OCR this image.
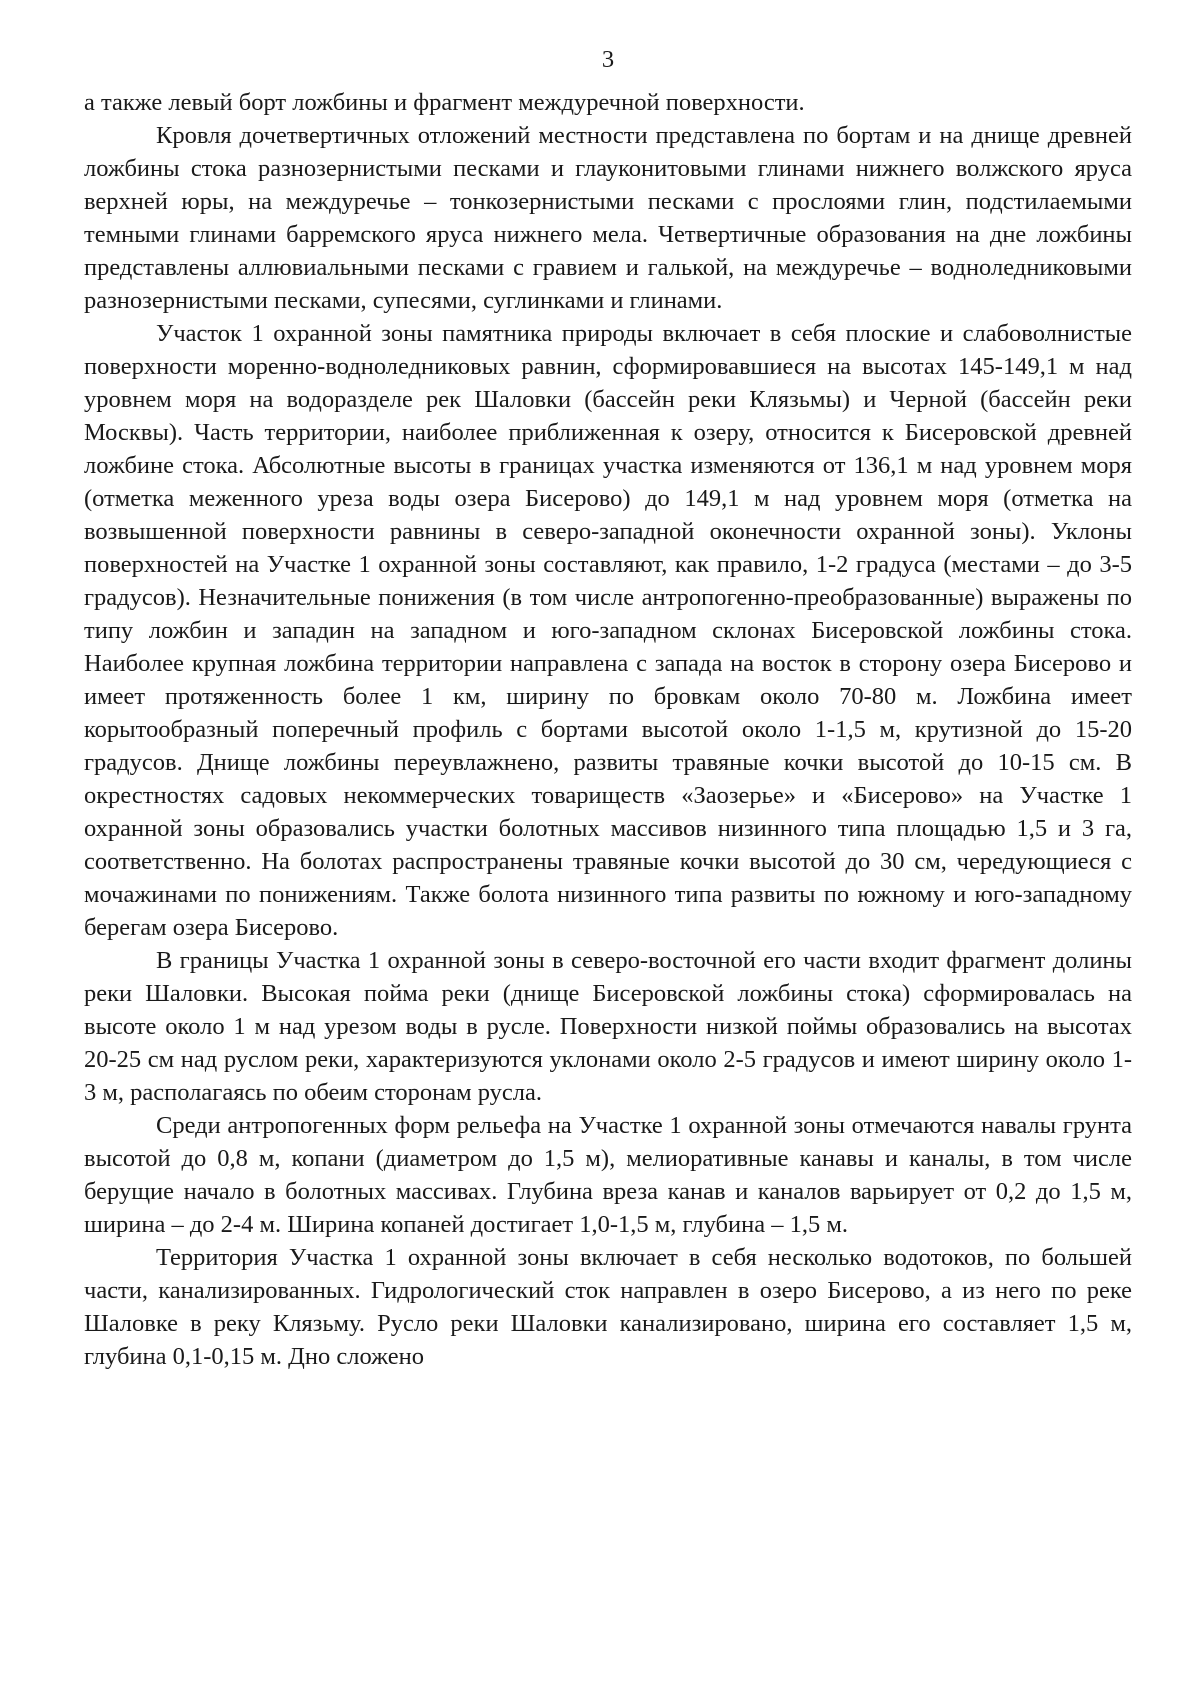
3

а также левый борт ложбины и фрагмент междуречной поверхности.

Кровля дочетвертичных отложений местности представлена по бортам и на днище древней ложбины стока разнозернистыми песками и глауконитовыми глинами нижнего волжского яруса верхней юры, на междуречье – тонкозернистыми песками с прослоями глин, подстилаемыми темными глинами барремского яруса нижнего мела. Четвертичные образования на дне ложбины представлены аллювиальными песками с гравием и галькой, на междуречье – водноледниковыми разнозернистыми песками, супесями, суглинками и глинами.

Участок 1 охранной зоны памятника природы включает в себя плоские и слабоволнистые поверхности моренно-водноледниковых равнин, сформировавшиеся на высотах 145-149,1 м над уровнем моря на водоразделе рек Шаловки (бассейн реки Клязьмы) и Черной (бассейн реки Москвы). Часть территории, наиболее приближенная к озеру, относится к Бисеровской древней ложбине стока. Абсолютные высоты в границах участка изменяются от 136,1 м над уровнем моря (отметка меженного уреза воды озера Бисерово) до 149,1 м над уровнем моря (отметка на возвышенной поверхности равнины в северо-западной оконечности охранной зоны). Уклоны поверхностей на Участке 1 охранной зоны составляют, как правило, 1-2 градуса (местами – до 3-5 градусов). Незначительные понижения (в том числе антропогенно-преобразованные) выражены по типу ложбин и западин на западном и юго-западном склонах Бисеровской ложбины стока. Наиболее крупная ложбина территории направлена с запада на восток в сторону озера Бисерово и имеет протяженность более 1 км, ширину по бровкам около 70-80 м. Ложбина имеет корытообразный поперечный профиль с бортами высотой около 1-1,5 м, крутизной до 15-20 градусов. Днище ложбины переувлажнено, развиты травяные кочки высотой до 10-15 см. В окрестностях садовых некоммерческих товариществ «Заозерье» и «Бисерово» на Участке 1 охранной зоны образовались участки болотных массивов низинного типа площадью 1,5 и 3 га, соответственно. На болотах распространены травяные кочки высотой до 30 см, чередующиеся с мочажинами по понижениям. Также болота низинного типа развиты по южному и юго-западному берегам озера Бисерово.

В границы Участка 1 охранной зоны в северо-восточной его части входит фрагмент долины реки Шаловки. Высокая пойма реки (днище Бисеровской ложбины стока) сформировалась на высоте около 1 м над урезом воды в русле. Поверхности низкой поймы образовались на высотах 20-25 см над руслом реки, характеризуются уклонами около 2-5 градусов и имеют ширину около 1-3 м, располагаясь по обеим сторонам русла.

Среди антропогенных форм рельефа на Участке 1 охранной зоны отмечаются навалы грунта высотой до 0,8 м, копани (диаметром до 1,5 м), мелиоративные канавы и каналы, в том числе берущие начало в болотных массивах. Глубина вреза канав и каналов варьирует от 0,2 до 1,5 м, ширина – до 2-4 м. Ширина копаней достигает 1,0-1,5 м, глубина – 1,5 м.

Территория Участка 1 охранной зоны включает в себя несколько водотоков, по большей части, канализированных. Гидрологический сток направлен в озеро Бисерово, а из него по реке Шаловке в реку Клязьму. Русло реки Шаловки канализировано, ширина его составляет 1,5 м, глубина 0,1-0,15 м. Дно сложено
